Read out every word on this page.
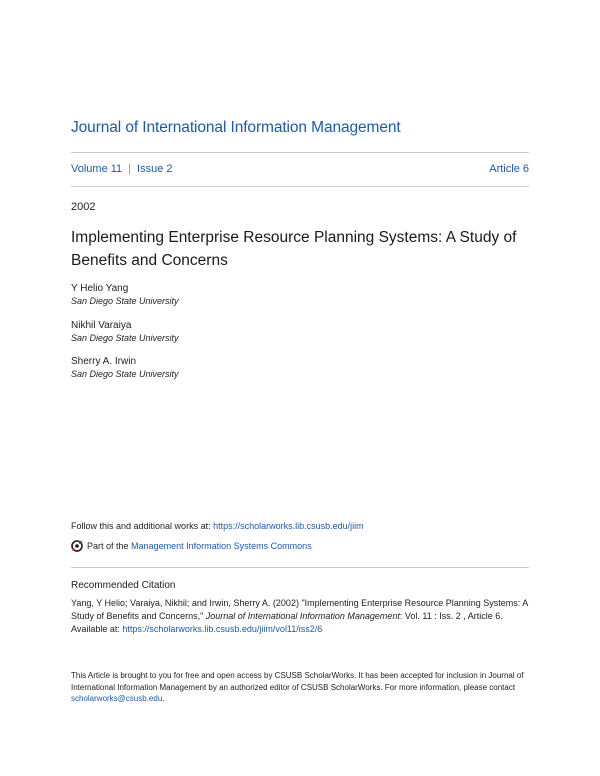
Journal of International Information Management
Volume 11 | Issue 2	Article 6
2002
Implementing Enterprise Resource Planning Systems: A Study of Benefits and Concerns
Y Helio Yang
San Diego State University
Nikhil Varaiya
San Diego State University
Sherry A. Irwin
San Diego State University
Follow this and additional works at: https://scholarworks.lib.csusb.edu/jiim
Part of the
Management Information Systems Commons
Recommended Citation
Yang, Y Helio; Varaiya, Nikhil; and Irwin, Sherry A. (2002) "Implementing Enterprise Resource Planning Systems: A Study of Benefits and Concerns," Journal of International Information Management: Vol. 11 : Iss. 2 , Article 6.
Available at: https://scholarworks.lib.csusb.edu/jiim/vol11/iss2/6
This Article is brought to you for free and open access by CSUSB ScholarWorks. It has been accepted for inclusion in Journal of International Information Management by an authorized editor of CSUSB ScholarWorks. For more information, please contact scholarworks@csusb.edu.
